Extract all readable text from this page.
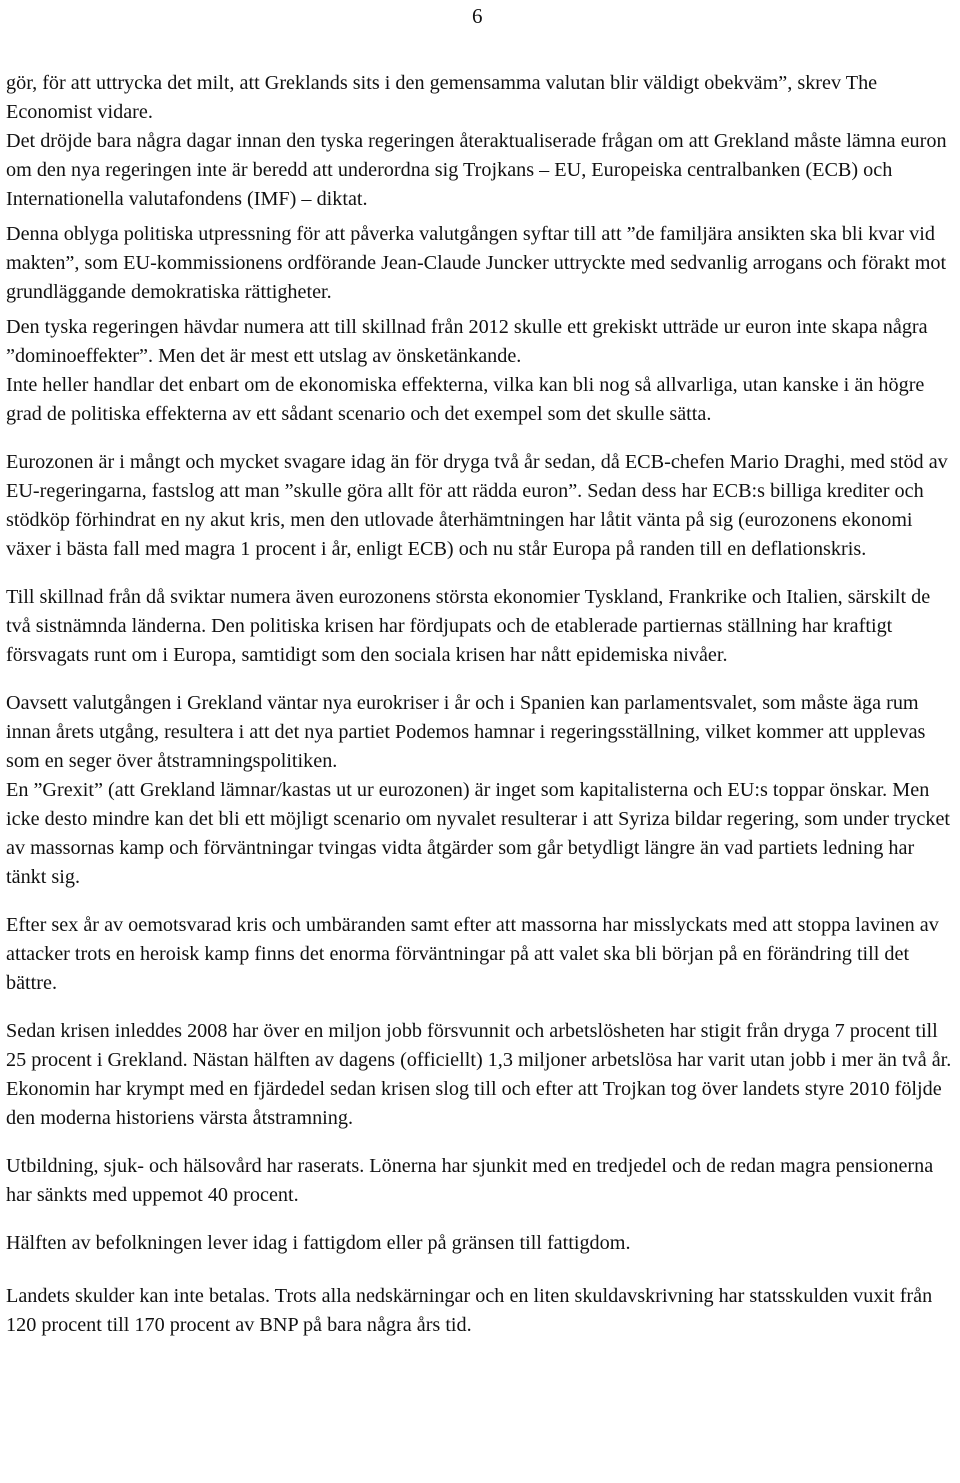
6

gör, för att uttrycka det milt, att Greklands sits i den gemensamma valutan blir väldigt obekväm”, skrev The Economist vidare.

Det dröjde bara några dagar innan den tyska regeringen återaktualiserade frågan om att Grekland måste lämna euron om den nya regeringen inte är beredd att underordna sig Trojkans – EU, Europeiska centralbanken (ECB) och Internationella valutafondens (IMF) – diktat.

Denna oblyga politiska utpressning för att påverka valutgången syftar till att ”de familjära ansikten ska bli kvar vid makten”, som EU-kommissionens ordförande Jean-Claude Juncker uttryckte med sedvanlig arrogans och förakt mot grundläggande demokratiska rättigheter.

Den tyska regeringen hävdar numera att till skillnad från 2012 skulle ett grekiskt utträde ur euron inte skapa några ”dominoeffekter”. Men det är mest ett utslag av önsketänkande.

Inte heller handlar det enbart om de ekonomiska effekterna, vilka kan bli nog så allvarliga, utan kanske i än högre grad de politiska effekterna av ett sådant scenario och det exempel som det skulle sätta.

Eurozonen är i mångt och mycket svagare idag än för dryga två år sedan, då ECB-chefen Mario Draghi, med stöd av EU-regeringarna, fastslog att man ”skulle göra allt för att rädda euron”. Sedan dess har ECB:s billiga krediter och stödköp förhindrat en ny akut kris, men den utlovade återhämtningen har låtit vänta på sig (eurozonens ekonomi växer i bästa fall med magra 1 procent i år, enligt ECB) och nu står Europa på randen till en deflationskris.

Till skillnad från då sviktar numera även eurozonens största ekonomier Tyskland, Frankrike och Italien, särskilt de två sistnämnda länderna. Den politiska krisen har fördjupats och de etablerade partiernas ställning har kraftigt försvagats runt om i Europa, samtidigt som den sociala krisen har nått epidemiska nivåer.

Oavsett valutgången i Grekland väntar nya eurokriser i år och i Spanien kan parlamentsvalet, som måste äga rum innan årets utgång, resultera i att det nya partiet Podemos hamnar i regeringsställning, vilket kommer att upplevas som en seger över åtstramningspolitiken.

En ”Grexit” (att Grekland lämnar/kastas ut ur eurozonen) är inget som kapitalisterna och EU:s toppar önskar. Men icke desto mindre kan det bli ett möjligt scenario om nyvalet resulterar i att Syriza bildar regering, som under trycket av massornas kamp och förväntningar tvingas vidta åtgärder som går betydligt längre än vad partiets ledning har tänkt sig.

Efter sex år av oemotsvarad kris och umbäranden samt efter att massorna har misslyckats med att stoppa lavinen av attacker trots en heroisk kamp finns det enorma förväntningar på att valet ska bli början på en förändring till det bättre.

Sedan krisen inleddes 2008 har över en miljon jobb försvunnit och arbetslösheten har stigit från dryga 7 procent till 25 procent i Grekland. Nästan hälften av dagens (officiellt) 1,3 miljoner arbetslösa har varit utan jobb i mer än två år. Ekonomin har krympt med en fjärdedel sedan krisen slog till och efter att Trojkan tog över landets styre 2010 följde den moderna historiens värsta åtstramning.

Utbildning, sjuk- och hälsovård har raserats. Lönerna har sjunkit med en tredjedel och de redan magra pensionerna har sänkts med uppemot 40 procent.

Hälften av befolkningen lever idag i fattigdom eller på gränsen till fattigdom.

Landets skulder kan inte betalas. Trots alla nedskärningar och en liten skuldavskrivning har statsskulden vuxit från 120 procent till 170 procent av BNP på bara några års tid.
